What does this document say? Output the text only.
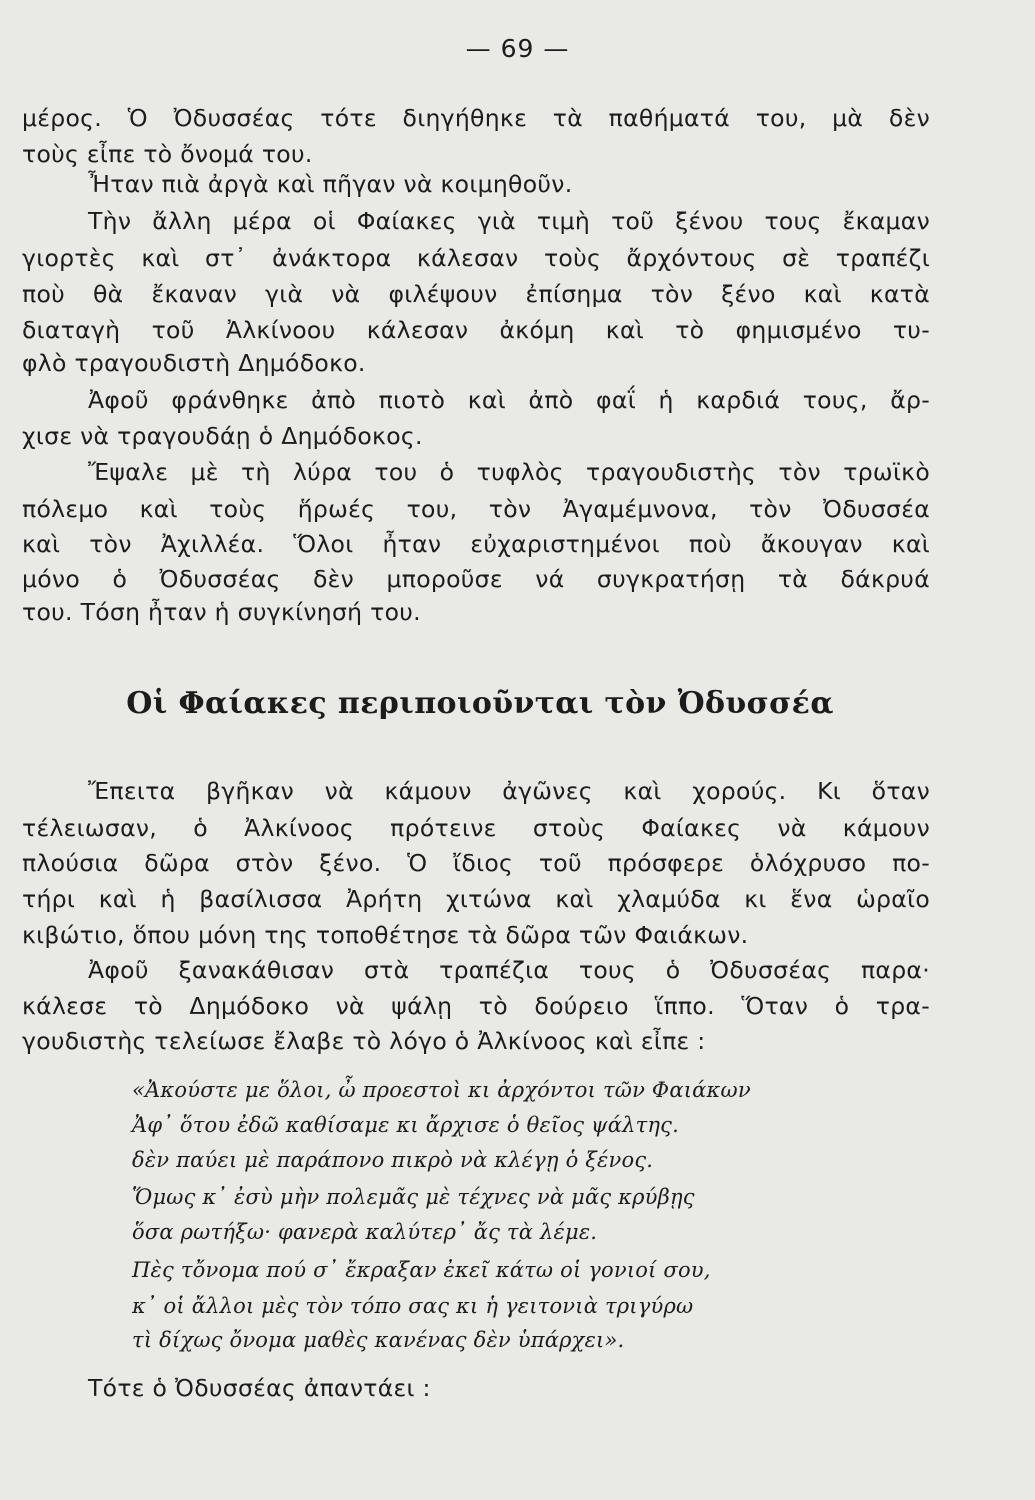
— 69 —
μέρος. Ὁ Ὀδυσσέας τότε διηγήθηκε τὰ παθήματά του, μὰ δὲν
τοὺς εἶπε τὸ ὄνομά του.
Ἦταν πιὰ ἀργὰ καὶ πῆγαν νὰ κοιμηθοῦν.
Τὴν ἄλλη μέρα οἱ Φαίακες γιὰ τιμὴ τοῦ ξένου τους ἔκαμαν
γιορτὲς καὶ στ᾽ ἀνάκτορα κάλεσαν τοὺς ἄρχόντους σὲ τραπέζι
ποὺ θὰ ἔκαναν γιὰ νὰ φιλέψουν ἐπίσημα τὸν ξένο καὶ κατὰ
διαταγὴ τοῦ Ἀλκίνοου κάλεσαν ἀκόμη καὶ τὸ φημισμένο τυ-
φλὸ τραγουδιστὴ Δημόδοκο.
Ἀφοῦ φράνθηκε ἀπὸ πιοτὸ καὶ ἀπὸ φαΐ ἡ καρδιά τους, ἄρ-
χισε νὰ τραγουδάῃ ὁ Δημόδοκος.
Ἔψαλε μὲ τὴ λύρα του ὁ τυφλὸς τραγουδιστὴς τὸν τρωϊκὸ
πόλεμο καὶ τοὺς ἥρωές του, τὸν Ἀγαμέμνονα, τὸν Ὀδυσσέα
καὶ τὸν Ἀχιλλέα. Ὅλοι ἦταν εὐχαριστημένοι ποὺ ἄκουγαν καὶ
μόνο ὁ Ὀδυσσέας δὲν μποροῦσε νά συγκρατήσῃ τὰ δάκρυά
του. Τόση ἦταν ἡ συγκίνησή του.
Οἱ Φαίακες περιποιοῦνται τὸν Ὀδυσσέα
Ἔπειτα βγῆκαν νὰ κάμουν ἀγῶνες καὶ χορούς. Κι ὅταν
τέλειωσαν, ὁ Ἀλκίνοος πρότεινε στοὺς Φαίακες νὰ κάμουν
πλούσια δῶρα στὸν ξένο. Ὁ ἴδιος τοῦ πρόσφερε ὁλόχρυσο πο-
τήρι καὶ ἡ βασίλισσα Ἀρήτη χιτώνα καὶ χλαμύδα κι ἕνα ὡραῖο
κιβώτιο, ὅπου μόνη της τοποθέτησε τὰ δῶρα τῶν Φαιάκων.
Ἀφοῦ ξανακάθισαν στὰ τραπέζια τους ὁ Ὀδυσσέας παρα·
κάλεσε τὸ Δημόδοκο νὰ ψάλῃ τὸ δούρειο ἵππο. Ὅταν ὁ τρα-
γουδιστὴς τελείωσε ἔλαβε τὸ λόγο ὁ Ἀλκίνοος καὶ εἶπε :
«Ἀκούστε με ὅλοι, ὦ προεστοὶ κι ἀρχόντοι τῶν Φαιάκων
Ἀφ᾽ ὅτου ἐδῶ καθίσαμε κι ἄρχισε ὁ θεῖος ψάλτης.
δὲν παύει μὲ παράπονο πικρὸ νὰ κλέγῃ ὁ ξένος.
Ὅμως κ᾽ ἐσὺ μὴν πολεμᾶς μὲ τέχνες νὰ μᾶς κρύβῃς
ὅσα ρωτήξω· φανερὰ καλύτερ᾽ ἄς τὰ λέμε.
Πὲς τὄνομα πού σ᾽ ἔκραξαν ἐκεῖ κάτω οἱ γονιοί σου,
κ᾽ οἱ ἄλλοι μὲς τὸν τόπο σας κι ἡ γειτονιὰ τριγύρω
τὶ δίχως ὄνομα μαθὲς κανένας δὲν ὑπάρχει».
Τότε ὁ Ὀδυσσέας ἀπαντάει :
